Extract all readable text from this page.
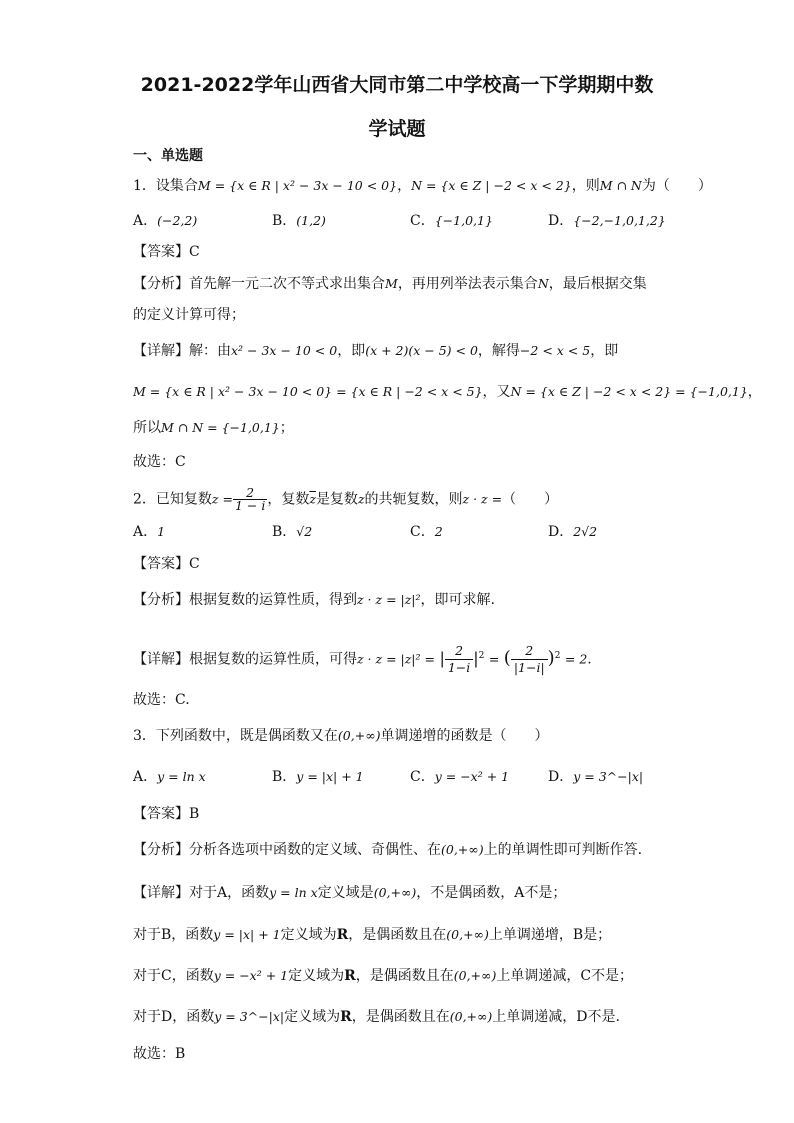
2021-2022学年山西省大同市第二中学校高一下学期期中数
学试题
一、单选题
1．设集合M = {x ∈ R | x² − 3x − 10 < 0}，N = {x ∈ Z | −2 < x < 2}，则M ∩ N为（　　）
A．(−2,2)	B．(1,2)	C．{−1,0,1}	D．{−2,−1,0,1,2}
【答案】C
【分析】首先解一元二次不等式求出集合M，再用列举法表示集合N，最后根据交集
的定义计算可得；
【详解】解：由x² − 3x − 10 < 0，即(x + 2)(x − 5) < 0，解得−2 < x < 5，即
M = {x ∈ R | x² − 3x − 10 < 0} = {x ∈ R | −2 < x < 5}，又N = {x ∈ Z | −2 < x < 2} = {−1,0,1}，
所以M ∩ N = {−1,0,1}；
故选：C
2．已知复数$z = \frac{2}{1 - i}$ ，复数$\overline{z}$是复数z的共轭复数，则z · z =（　　）
A．1	B．√2	C．2	D．2√2
【答案】C
【分析】根据复数的运算性质，得到z · z = |z|²，即可求解.
【详解】根据复数的运算性质，可得z · z = |z|² = | $\frac{2}{1-i} |^2$ = ( $\frac{2}{|1-i|} )^2 = 2$.
故选：C.
3．下列函数中，既是偶函数又在(0,+∞)单调递增的函数是（　　）
A．y = ln x	B．y = |x| + 1	C．y = −x² + 1	D．y = 3^−|x|
【答案】B
【分析】分析各选项中函数的定义域、奇偶性、在(0,+∞)上的单调性即可判断作答.
【详解】对于A，函数y = ln x定义域是(0,+∞)，不是偶函数，A不是；
对于B，函数y = |x| + 1定义域为R，是偶函数且在(0,+∞)上单调递增，B是；
对于C，函数y = −x² + 1定义域为R，是偶函数且在(0,+∞)上单调递减，C不是；
对于D，函数y = 3^−|x|定义域为R，是偶函数且在(0,+∞)上单调递减，D不是.
故选：B
